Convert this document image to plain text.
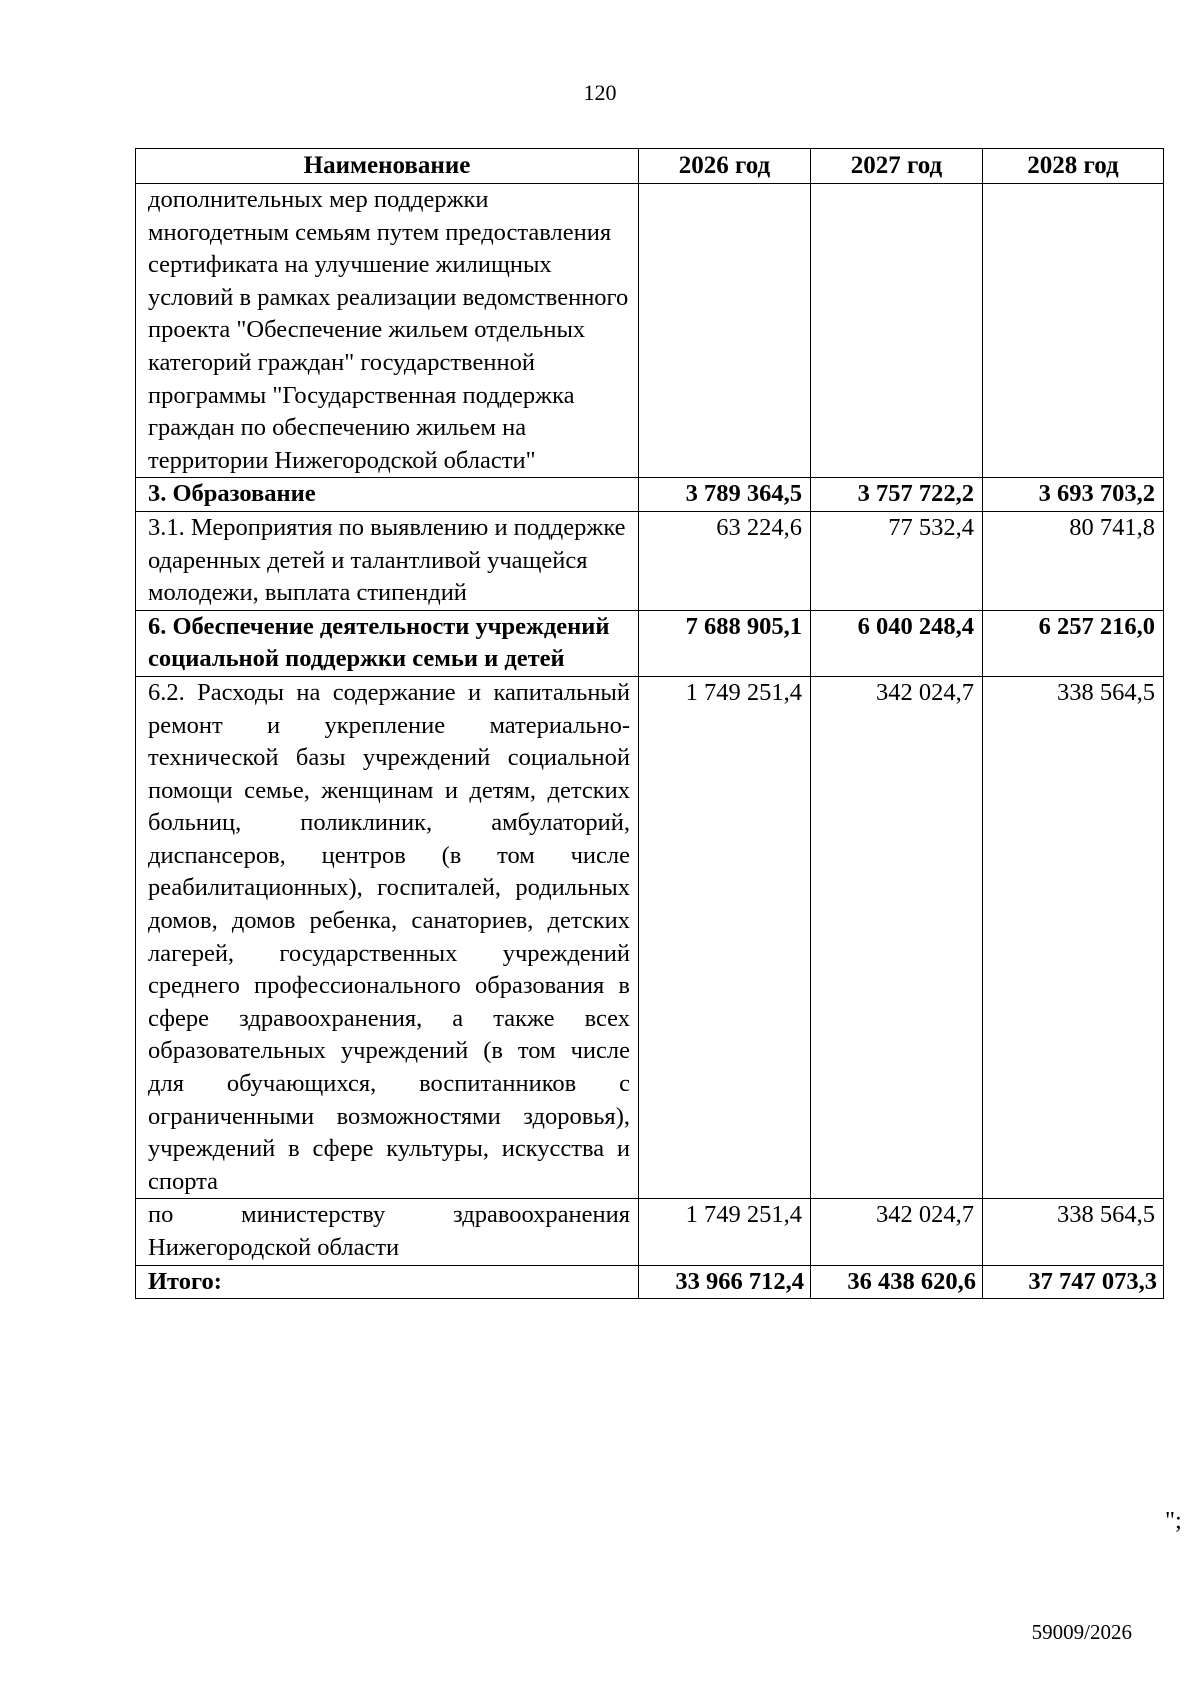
120
Наименование	2026 год	2027 год	2028 год
дополнительных мер поддержки многодетным семьям путем предоставления сертификата на улучшение жилищных условий в рамках реализации ведомственного проекта "Обеспечение жильем отдельных категорий граждан" государственной программы "Государственная поддержка граждан по обеспечению жильем на территории Нижегородской области"			
3. Образование	3 789 364,5	3 757 722,2	3 693 703,2
3.1. Мероприятия по выявлению и поддержке одаренных детей и талантливой учащейся молодежи, выплата стипендий	63 224,6	77 532,4	80 741,8
6. Обеспечение деятельности учреждений социальной поддержки семьи и детей	7 688 905,1	6 040 248,4	6 257 216,0
6.2. Расходы на содержание и капитальный ремонт и укрепление материально-технической базы учреждений социальной помощи семье, женщинам и детям, детских больниц, поликлиник, амбулаторий, диспансеров, центров (в том числе реабилитационных), госпиталей, родильных домов, домов ребенка, санаториев, детских лагерей, государственных учреждений среднего профессионального образования в сфере здравоохранения, а также всех образовательных учреждений (в том числе для обучающихся, воспитанников с ограниченными возможностями здоровья), учреждений в сфере культуры, искусства и спорта	1 749 251,4	342 024,7	338 564,5
по министерству здравоохранения Нижегородской области	1 749 251,4	342 024,7	338 564,5
Итого:	33 966 712,4	36 438 620,6	37 747 073,3
";
59009/2026
